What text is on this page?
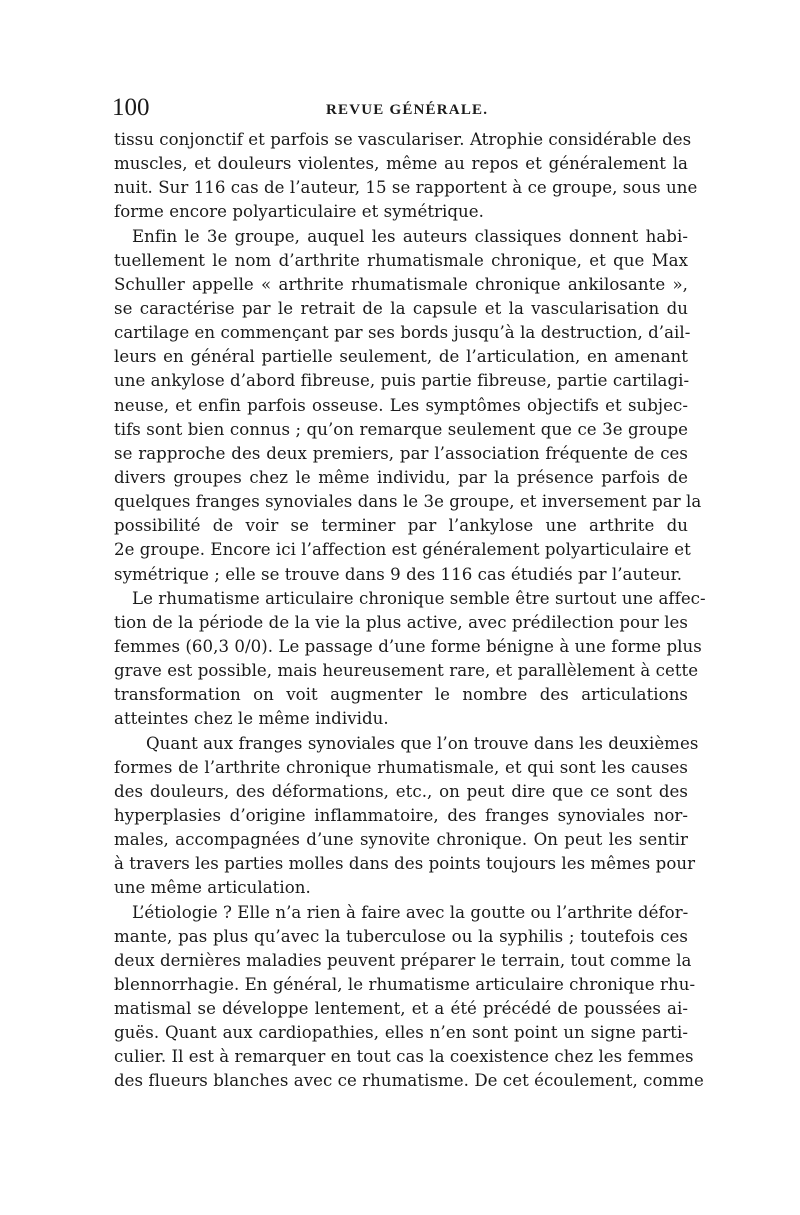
100	REVUE GÉNÉRALE.
tissu conjonctif et parfois se vasculariser. Atrophie considérable des
muscles, et douleurs violentes, même au repos et généralement la
nuit. Sur 116 cas de l’auteur, 15 se rapportent à ce groupe, sous une
forme encore polyarticulaire et symétrique.
Enfin le 3e groupe, auquel les auteurs classiques donnent habi-
tuellement le nom d’arthrite rhumatismale chronique, et que Max
Schuller appelle « arthrite rhumatismale chronique ankilosante »,
se caractérise par le retrait de la capsule et la vascularisation du
cartilage en commençant par ses bords jusqu’à la destruction, d’ail-
leurs en général partielle seulement, de l’articulation, en amenant
une ankylose d’abord fibreuse, puis partie fibreuse, partie cartilagi-
neuse, et enfin parfois osseuse. Les symptômes objectifs et subjec-
tifs sont bien connus ; qu’on remarque seulement que ce 3e groupe
se rapproche des deux premiers, par l’association fréquente de ces
divers groupes chez le même individu, par la présence parfois de
quelques franges synoviales dans le 3e groupe, et inversement par la
possibilité de voir se terminer par l’ankylose une arthrite du
2e groupe. Encore ici l’affection est généralement polyarticulaire et
symétrique ; elle se trouve dans 9 des 116 cas étudiés par l’auteur.
Le rhumatisme articulaire chronique semble être surtout une affec-
tion de la période de la vie la plus active, avec prédilection pour les
femmes (60,3 0/0). Le passage d’une forme bénigne à une forme plus
grave est possible, mais heureusement rare, et parallèlement à cette
transformation on voit augmenter le nombre des articulations
atteintes chez le même individu.
Quant aux franges synoviales que l’on trouve dans les deuxièmes
formes de l’arthrite chronique rhumatismale, et qui sont les causes
des douleurs, des déformations, etc., on peut dire que ce sont des
hyperplasies d’origine inflammatoire, des franges synoviales nor-
males, accompagnées d’une synovite chronique. On peut les sentir
à travers les parties molles dans des points toujours les mêmes pour
une même articulation.
L’étiologie ? Elle n’a rien à faire avec la goutte ou l’arthrite défor-
mante, pas plus qu’avec la tuberculose ou la syphilis ; toutefois ces
deux dernières maladies peuvent préparer le terrain, tout comme la
blennorrhagie. En général, le rhumatisme articulaire chronique rhu-
matismal se développe lentement, et a été précédé de poussées ai-
guës. Quant aux cardiopathies, elles n’en sont point un signe parti-
culier. Il est à remarquer en tout cas la coexistence chez les femmes
des flueurs blanches avec ce rhumatisme. De cet écoulement, comme
